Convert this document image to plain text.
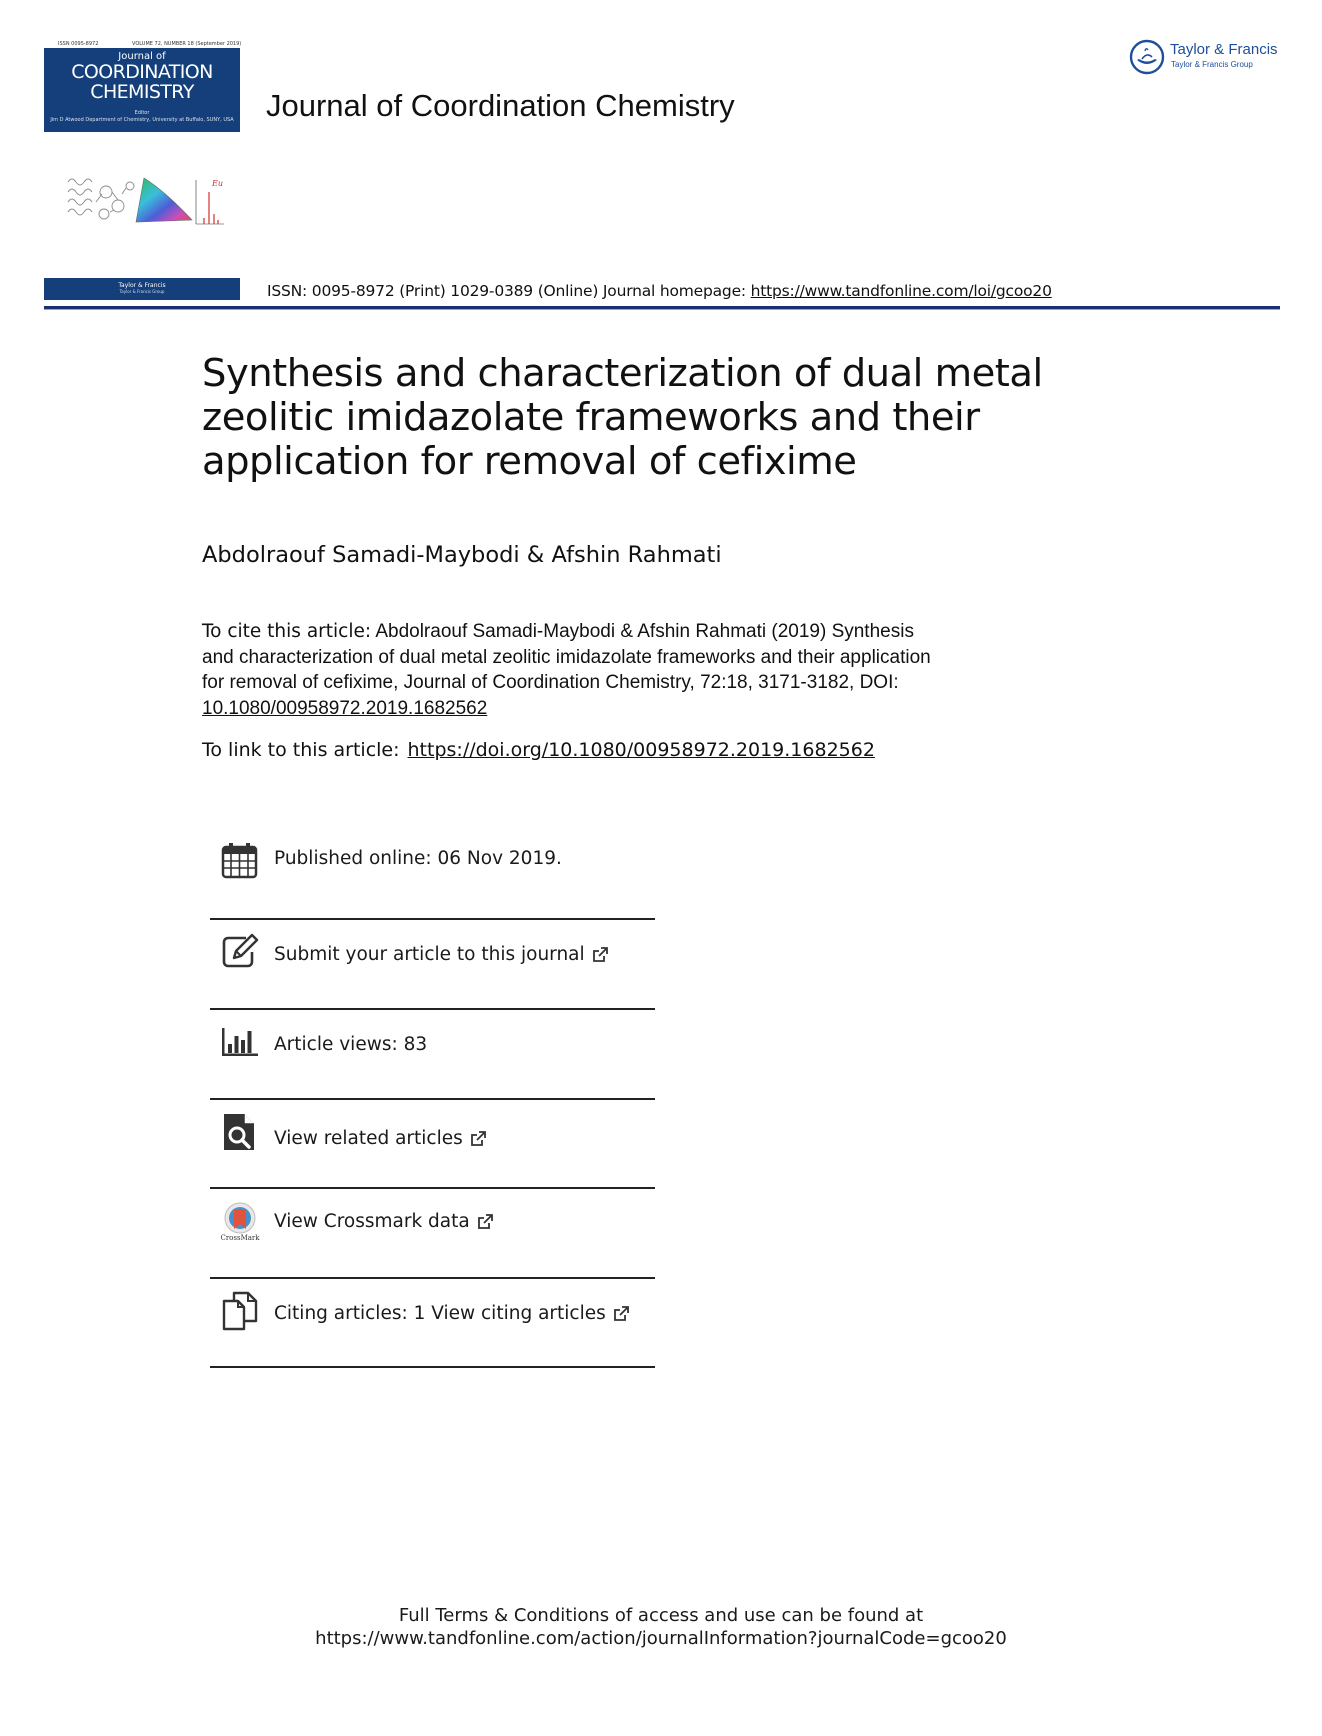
ISSN 0095-8972	VOLUME 72, NUMBER 18 (September 2019)
Journal of
COORDINATION
CHEMISTRY
Editor
Jim D Atwood Department of Chemistry, University at Buffalo, SUNY, USA
Eu
Taylor & Francis
Taylor & Francis Group
Journal of Coordination Chemistry
Taylor & Francis
Taylor & Francis Group
ISSN: 0095-8972 (Print) 1029-0389 (Online) Journal homepage: https://www.tandfonline.com/loi/gcoo20
Synthesis and characterization of dual metal
zeolitic imidazolate frameworks and their
application for removal of cefixime
Abdolraouf Samadi-Maybodi & Afshin Rahmati
To cite this article: Abdolraouf Samadi-Maybodi & Afshin Rahmati (2019) Synthesis
and characterization of dual metal zeolitic imidazolate frameworks and their application
for removal of cefixime, Journal of Coordination Chemistry, 72:18, 3171-3182, DOI:
10.1080/00958972.2019.1682562
To link to this article: https://doi.org/10.1080/00958972.2019.1682562
Published online: 06 Nov 2019.
Submit your article to this journal
Article views: 83
View related articles
CrossMark
View Crossmark data
Citing articles: 1 View citing articles
Full Terms & Conditions of access and use can be found at
https://www.tandfonline.com/action/journalInformation?journalCode=gcoo20
